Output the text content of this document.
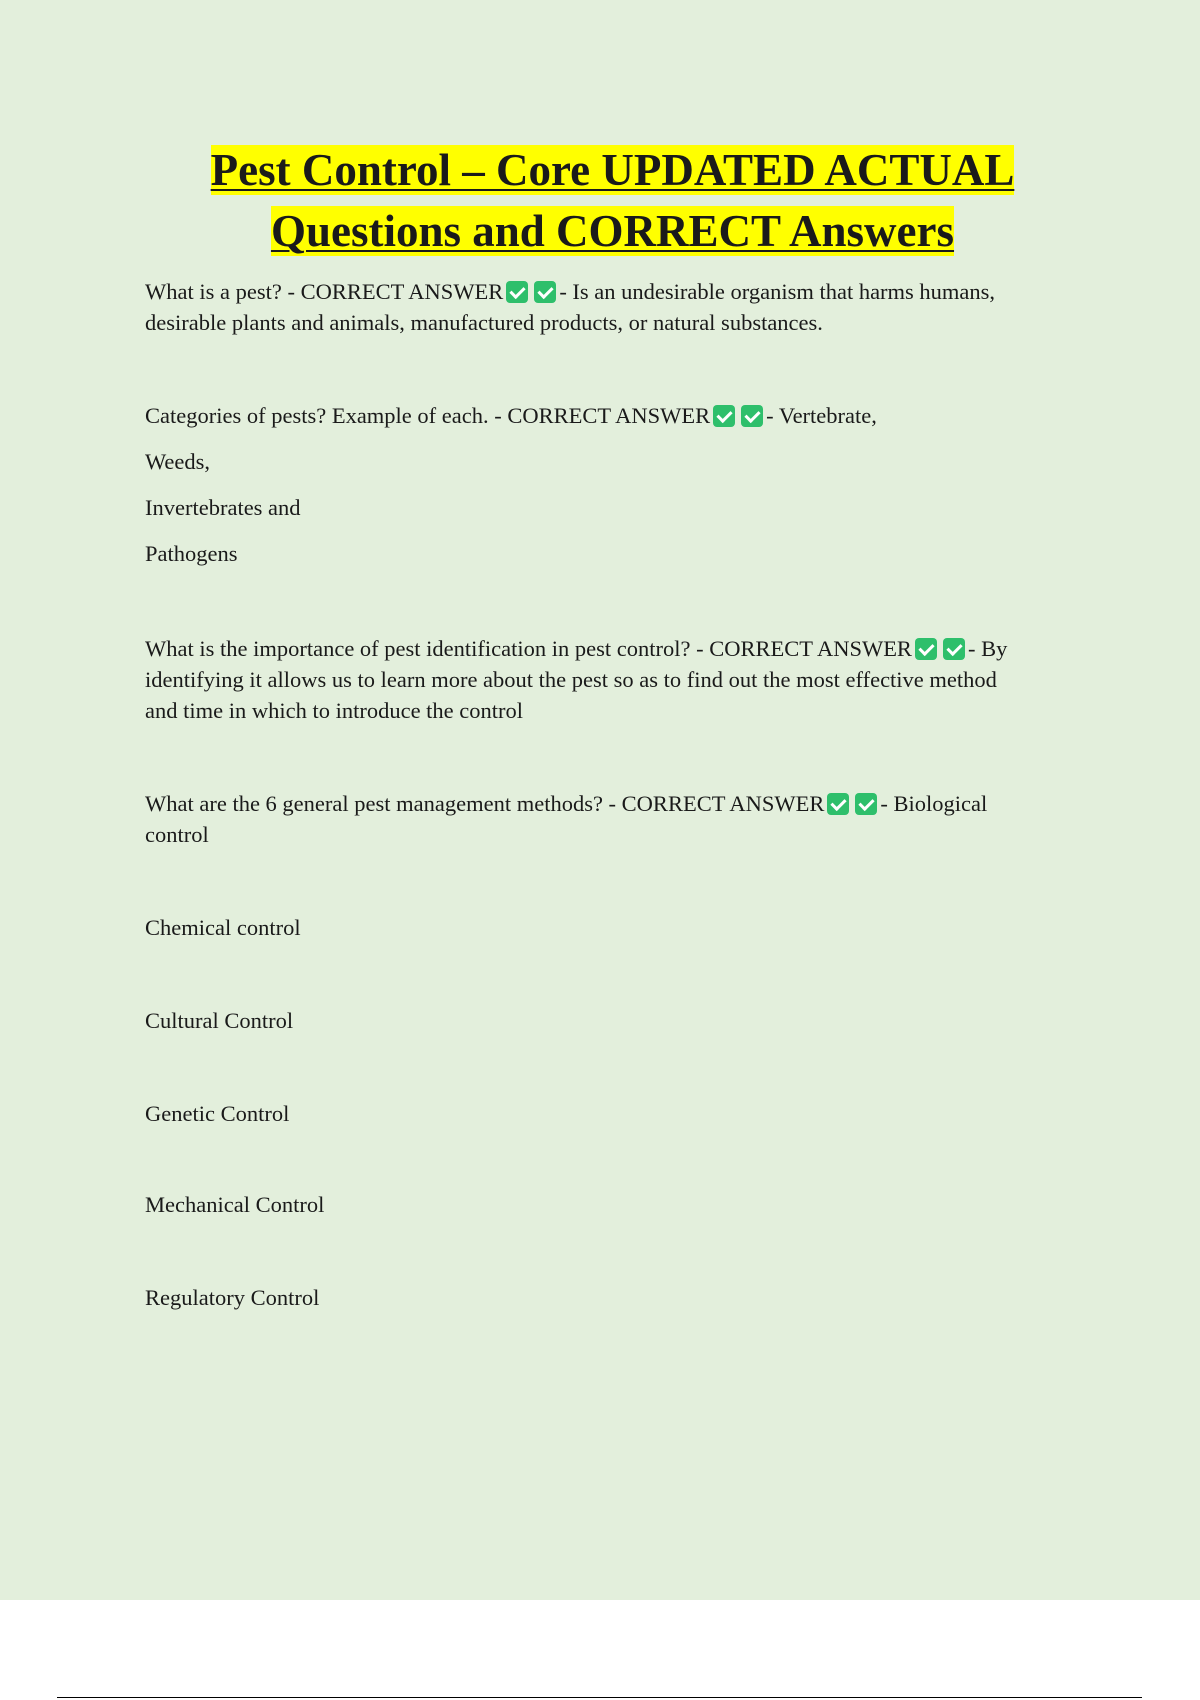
Pest Control – Core UPDATED ACTUAL
Questions and CORRECT Answers

What is a pest? - CORRECT ANSWER - Is an undesirable organism that harms humans,

desirable plants and animals, manufactured products, or natural substances.

Categories of pests? Example of each. - CORRECT ANSWER - Vertebrate,

Weeds,

Invertebrates and

Pathogens

What is the importance of pest identification in pest control? - CORRECT ANSWER - By

identifying it allows us to learn more about the pest so as to find out the most effective method

and time in which to introduce the control

What are the 6 general pest management methods? - CORRECT ANSWER - Biological

control

Chemical control

Cultural Control

Genetic Control

Mechanical Control

Regulatory Control
